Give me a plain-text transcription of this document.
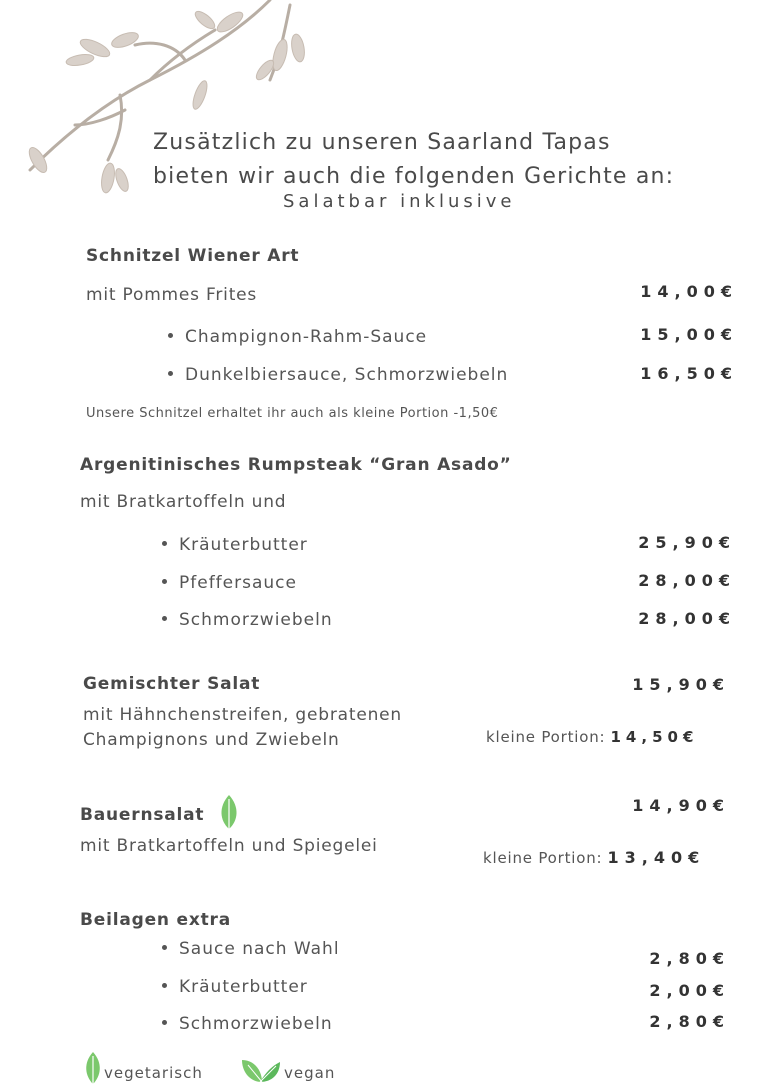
Zusätzlich zu unseren Saarland Tapas
bieten wir auch die folgenden Gerichte an:
Salatbar inklusive
Schnitzel Wiener Art
mit Pommes Frites	14,00€
Champignon-Rahm-Sauce	15,00€
Dunkelbiersauce, Schmorzwiebeln	16,50€
Unsere Schnitzel erhaltet ihr auch als kleine Portion -1,50€
Argenitinisches Rumpsteak “Gran Asado”
mit Bratkartoffeln und
Kräuterbutter	25,90€
Pfeffersauce	28,00€
Schmorzwiebeln	28,00€
Gemischter Salat	15,90€
mit Hähnchenstreifen, gebratenen
Champignons und Zwiebeln	kleine Portion: 14,50€
Bauernsalat	14,90€
mit Bratkartoffeln und Spiegelei
kleine Portion: 13,40€
Beilagen extra
Sauce nach Wahl	2,80€
Kräuterbutter	2,00€
Schmorzwiebeln	2,80€
vegetarisch	vegan
